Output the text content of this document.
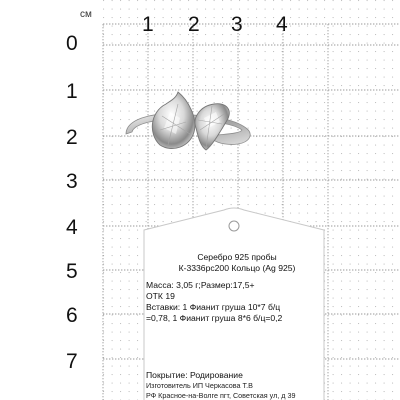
см 1 2 3 4
0
1
2
3
4
5
6
7
Серебро 925 пробы
К-3336рс200 Кольцо (Ag 925)
Масса: 3,05 г;Размер:17,5+
ОТК 19
Вставки: 1 Фианит груша 10*7 б/ц
=0,78, 1 Фианит груша 8*6 б/ц=0,2
Покрытие: Родирование
Изготовитель ИП Черкасова Т.В
РФ Красное-на-Волге пгт, Советская ул, д 39
